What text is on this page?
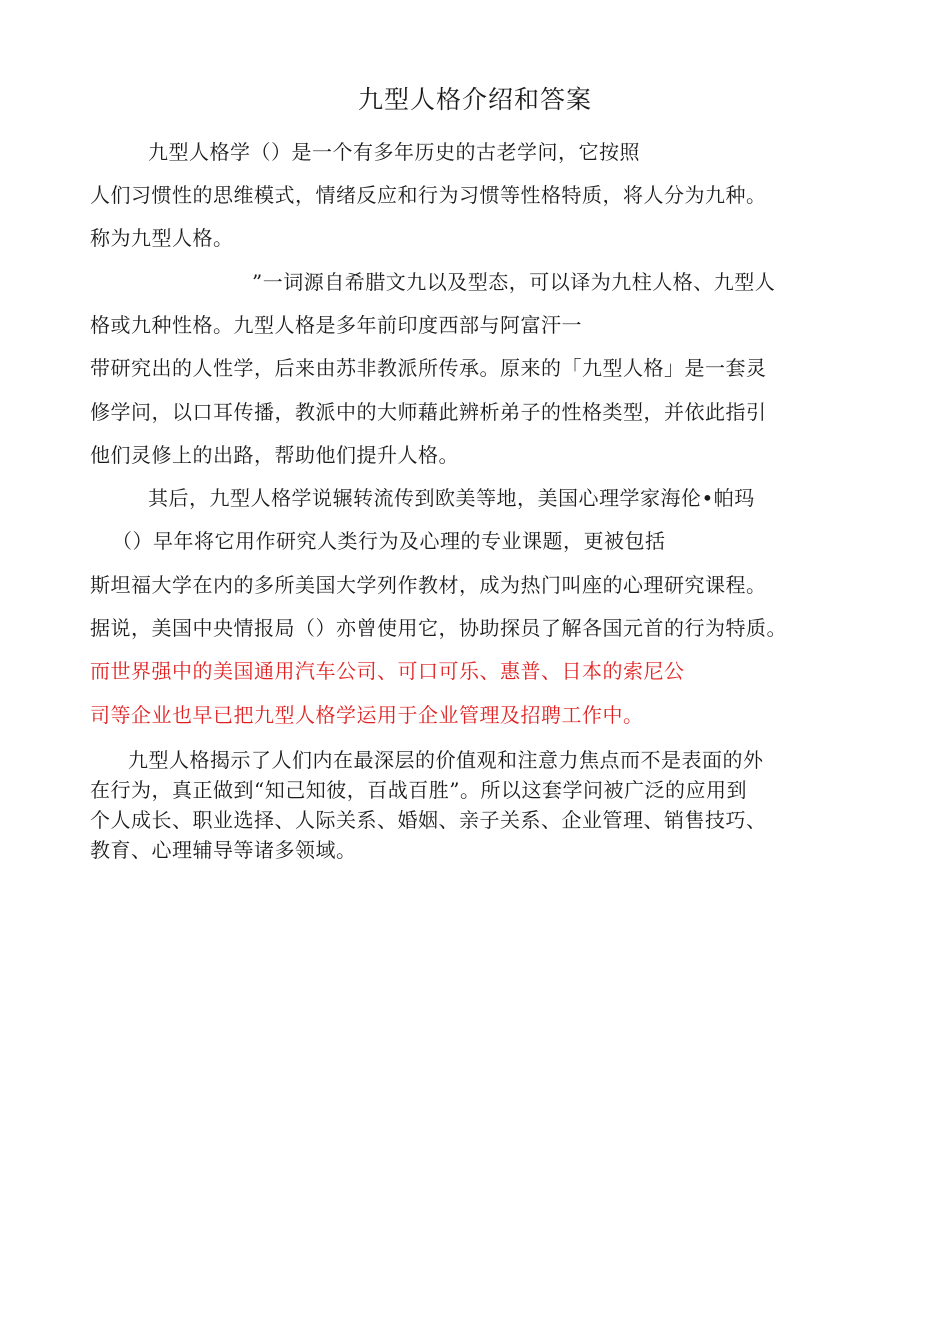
九型人格介绍和答案
九型人格学（）是一个有多年历史的古老学问，它按照
人们习惯性的思维模式，情绪反应和行为习惯等性格特质，将人分为九种。
称为九型人格。
”一词源自希腊文九以及型态，可以译为九柱人格、九型人
格或九种性格。九型人格是多年前印度西部与阿富汗一
带研究出的人性学，后来由苏非教派所传承。原来的「九型人格」是一套灵
修学问，以口耳传播，教派中的大师藉此辨析弟子的性格类型，并依此指引
他们灵修上的出路，帮助他们提升人格。
其后，九型人格学说辗转流传到欧美等地，美国心理学家海伦•帕玛
（）早年将它用作研究人类行为及心理的专业课题，更被包括
斯坦福大学在内的多所美国大学列作教材，成为热门叫座的心理研究课程。
据说，美国中央情报局（）亦曾使用它，协助探员了解各国元首的行为特质。
而世界强中的美国通用汽车公司、可口可乐、惠普、日本的索尼公
司等企业也早已把九型人格学运用于企业管理及招聘工作中。
九型人格揭示了人们内在最深层的价值观和注意力焦点而不是表面的外
在行为，真正做到“知己知彼，百战百胜”。所以这套学问被广泛的应用到
个人成长、职业选择、人际关系、婚姻、亲子关系、企业管理、销售技巧、
教育、心理辅导等诸多领域。
